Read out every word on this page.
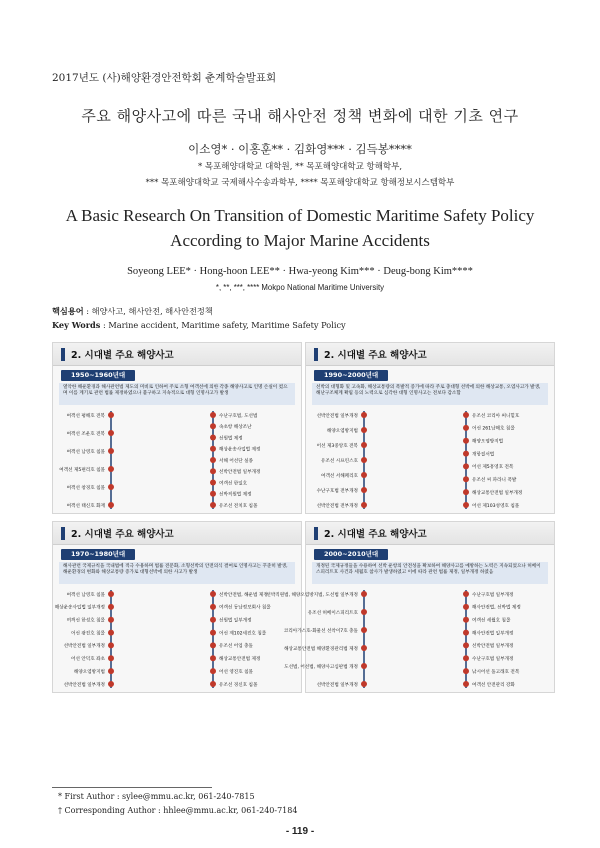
2017년도 (사)해양환경안전학회 춘계학술발표회
주요 해양사고에 따른 국내 해사안전 정책 변화에 대한 기초 연구
이소영* · 이홍훈** · 김화영*** · 김득봉****
* 목포해양대학교 대학원, ** 목포해양대학교 항해학부,
*** 목포해양대학교 국제해사수송과학부, **** 목포해양대학교 항해정보시스템학부
A Basic Research On Transition of Domestic Maritime Safety Policy
According to Major Marine Accidents
Soyeong LEE* · Hong-hoon LEE** · Hwa-yeong Kim*** · Deug-bong Kim****
*, **, ***, **** Mokpo National Maritime University
핵심용어 : 해양사고, 해사안전, 해사안전정책
Key Words : Marine accident, Maritime safety, Maritime Safety Policy
2. 시대별 주요 해양사고
1950~1960년대
열악한 해운환경과 해사관련법 제도의 미비로 인하여 주로 소형 여객선에 의한 각종 해양사고로 인명 손실이 컸으며 이를 계기로 관련 법률 제정하였으나 불구하고 지속적으로 대형 인명사고가 발생
여객선 평해호 전복
여객선 조운호 전복
여객선 남영호 침몰
여객선 제5편리호 침몰
여객선 창경호 침몰
여객선 태신호 화재
수난구호법, 도선법
속초항 해상조난
선원법 제정
해상운송사업법 제정
서해 어선단 실종
선박안전법 일부개정
여객선 한일호
선박직원법 제정
유조선 전치호 침몰
2. 시대별 주요 해양사고
1990~2000년대
선박의 대형화 및 고속화, 해상교통량의 폭발적 증가에 따라 주로 충대형 선박에 의한 해상교통, 오염사고가 발생, 해난구조체계 확립 등의 노력으로 심각한 대형 인명사고는 전보다 감소함
선박안전법 일부개정
해양오염방지법
어선 제3중앙호 전복
유조선 시프린스호
여객선 서해페리호
수난구호법 전부개정
선박안전법 전부개정
유조선 코리아 써니힐호
어선 261남해호 침몰
해양오염방지법
개항질서법
어선 제5흥영호 전복
유조선 씨 파라니 폭발
해상교통안전법 일부개정
어선 제103성영호 침몰
2. 시대별 주요 해양사고
1970~1980년대
해사관련 국제규칙을 국내법에 적극 수용하며 법률 전문화, 소형선박의 안전의식 결여로 인명사고는 꾸준히 발생, 해운환경의 변화와 해상교통량 증가로 대형선박에 의한 사고가 발생
여객선 남영호 침몰
해상운송사업법 일부개정
여객선 한성호 침몰
어선 광진호 침몰
선박안전법 일부개정
어선 안덕호 좌초
해양오염방지법
선박안전법 일부개정
선박안전법, 해운법 제정
여객선 동남정보회사 침몰
선원법 일부개정
어선 제102세진호 침몰
유조선 어업 충돌
해상교통안전법 제정
어선 영진호 침몰
유조선 경신호 침몰
2. 시대별 주요 해양사고
2000~2010년대
개정된 국제규정들을 수용하여 선박 운항의 안전성을 확보하여 해양사고를 예방하는 노력은 지속되었으나 허베이스피리트호 사건과 세월호 참사가 발생하였고 이에 따라 관련 법률 제정, 일부개정 하였음
선박직원법, 해양오염방지법, 도선법 일부개정
유조선 허베이스피리트호
코리아가스호-화물선 선착이7호 충돌
해상교통안전법 해양환경관리법 제정
도선법, 어선법, 해양사고심판법 개정
선박안전법 일부개정
수난구호법 일부개정
해사안전법, 선박법 제정
여객선 세월호 침몰
해사안전법 일부개정
선박안전법 일부개정
수난구호법 일부개정
낚시어선 돌고래호 전복
여객선 안전관리 강화
* First Author : sylee@mmu.ac.kr, 061-240-7815
† Corresponding Author : hhlee@mmu.ac.kr, 061-240-7184
- 119 -
